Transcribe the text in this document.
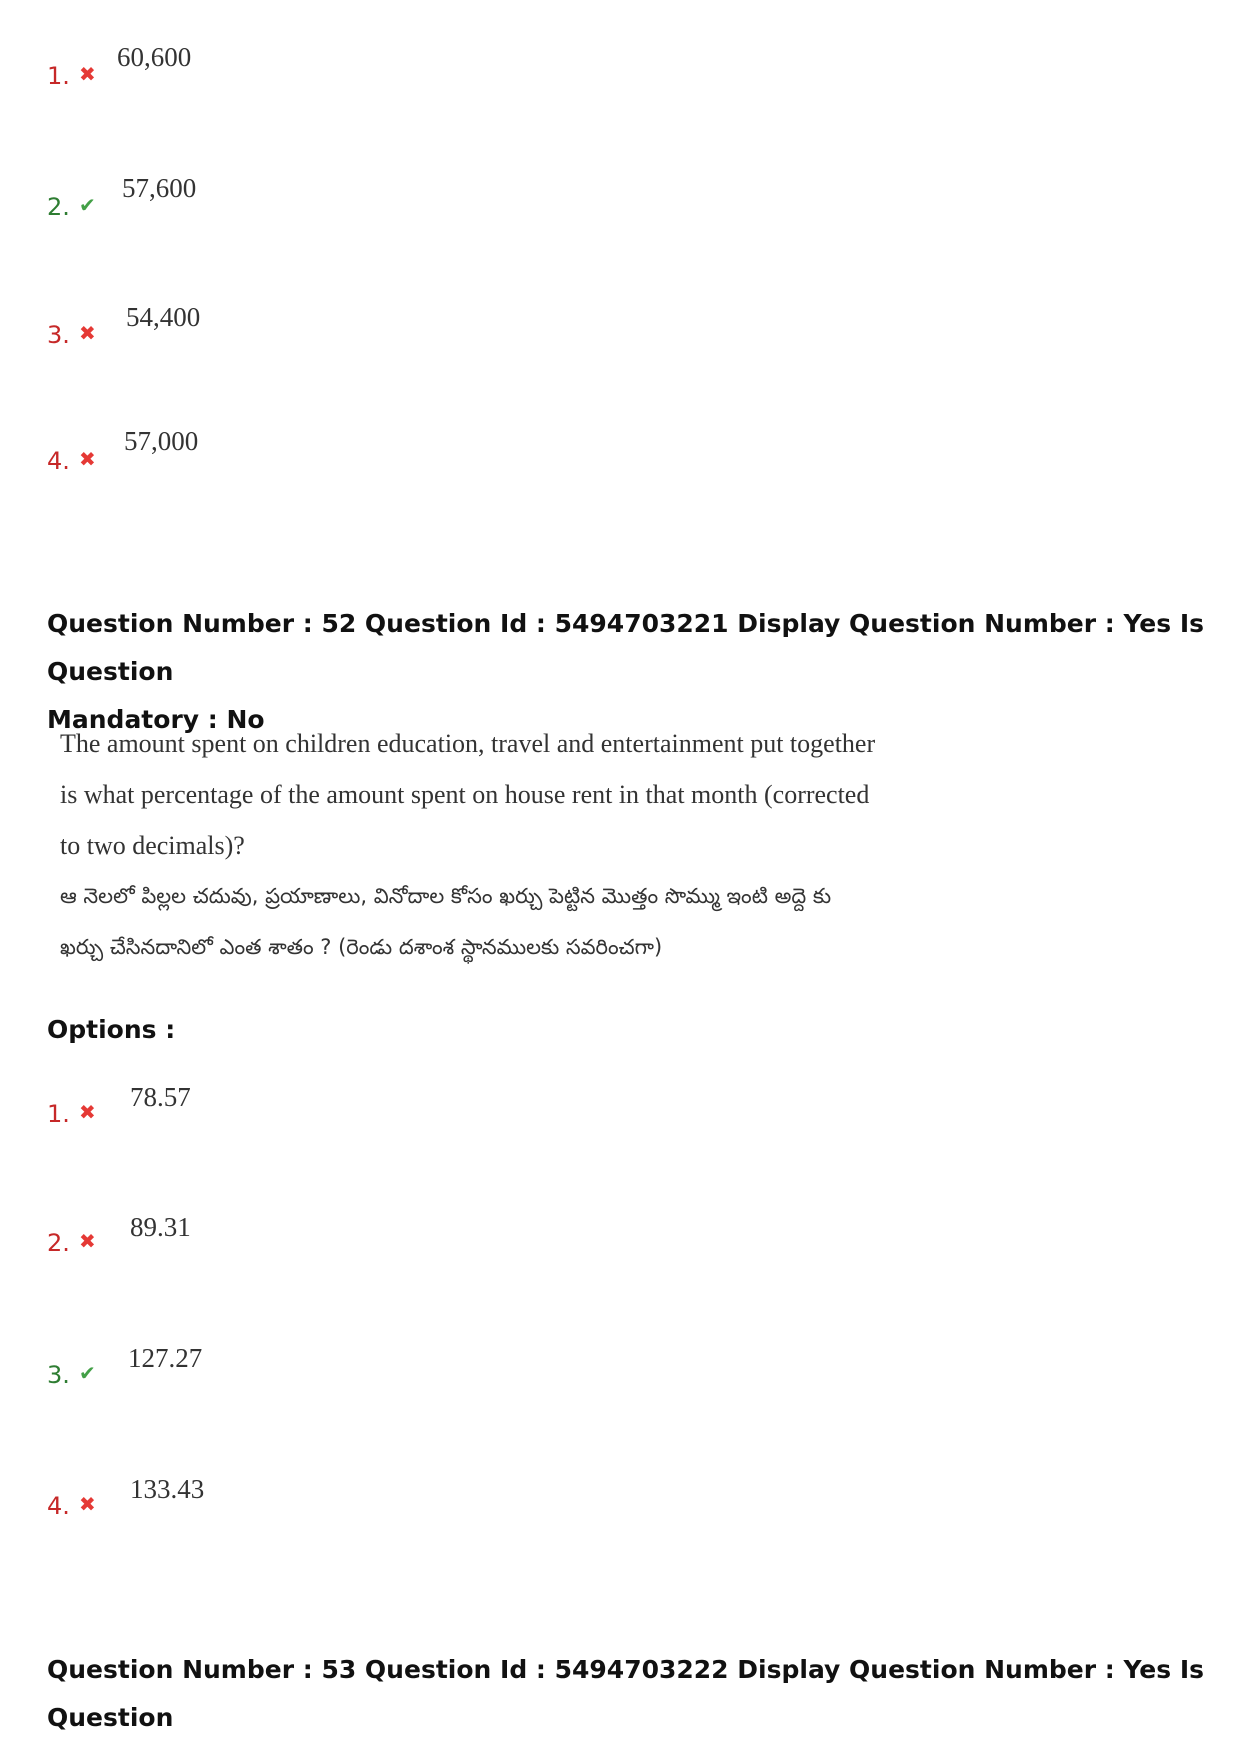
1. ✖
60,600
2. ✔
57,600
3. ✖
54,400
4. ✖
57,000
Question Number : 52 Question Id : 5494703221 Display Question Number : Yes Is Question
Mandatory : No

The amount spent on children education, travel and entertainment put together is what percentage of the amount spent on house rent in that month (corrected to two decimals)?

ఆ నెలలో పిల్లల చదువు, ప్రయాణాలు, వినోదాల కోసం ఖర్చు పెట్టిన మొత్తం సొమ్ము ఇంటి అద్దె కు ఖర్చు చేసినదానిలో ఎంత శాతం ? (రెండు దశాంశ స్థానములకు సవరించగా)

Options :
1. ✖	78.57
2. ✖	89.31
3. ✔	127.27
4. ✖	133.43
Question Number : 53 Question Id : 5494703222 Display Question Number : Yes Is Question
